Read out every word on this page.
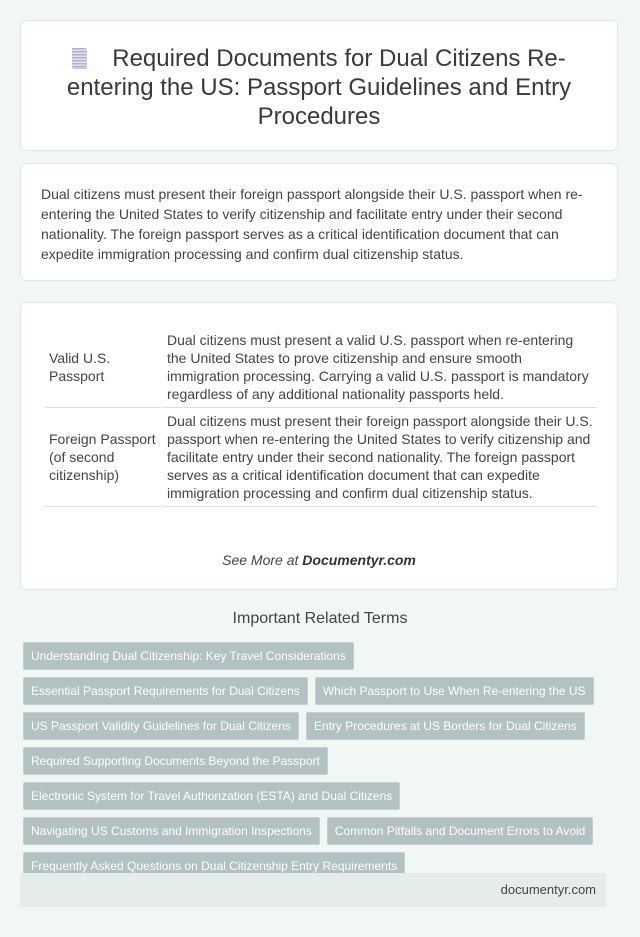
Required Documents for Dual Citizens Re-entering the US: Passport Guidelines and Entry Procedures

Dual citizens must present their foreign passport alongside their U.S. passport when re-entering the United States to verify citizenship and facilitate entry under their second nationality. The foreign passport serves as a critical identification document that can expedite immigration processing and confirm dual citizenship status.

Valid U.S. Passport	Dual citizens must present a valid U.S. passport when re-entering the United States to prove citizenship and ensure smooth immigration processing. Carrying a valid U.S. passport is mandatory regardless of any additional nationality passports held.
Foreign Passport (of second citizenship)	Dual citizens must present their foreign passport alongside their U.S. passport when re-entering the United States to verify citizenship and facilitate entry under their second nationality. The foreign passport serves as a critical identification document that can expedite immigration processing and confirm dual citizenship status.
See More at Documentyr.com
Important Related Terms
Understanding Dual Citizenship: Key Travel Considerations
Essential Passport Requirements for Dual Citizens	Which Passport to Use When Re-entering the US
US Passport Validity Guidelines for Dual Citizens	Entry Procedures at US Borders for Dual Citizens
Required Supporting Documents Beyond the Passport
Electronic System for Travel Authorization (ESTA) and Dual Citizens
Navigating US Customs and Immigration Inspections	Common Pitfalls and Document Errors to Avoid
Frequently Asked Questions on Dual Citizenship Entry Requirements
documentyr.com
